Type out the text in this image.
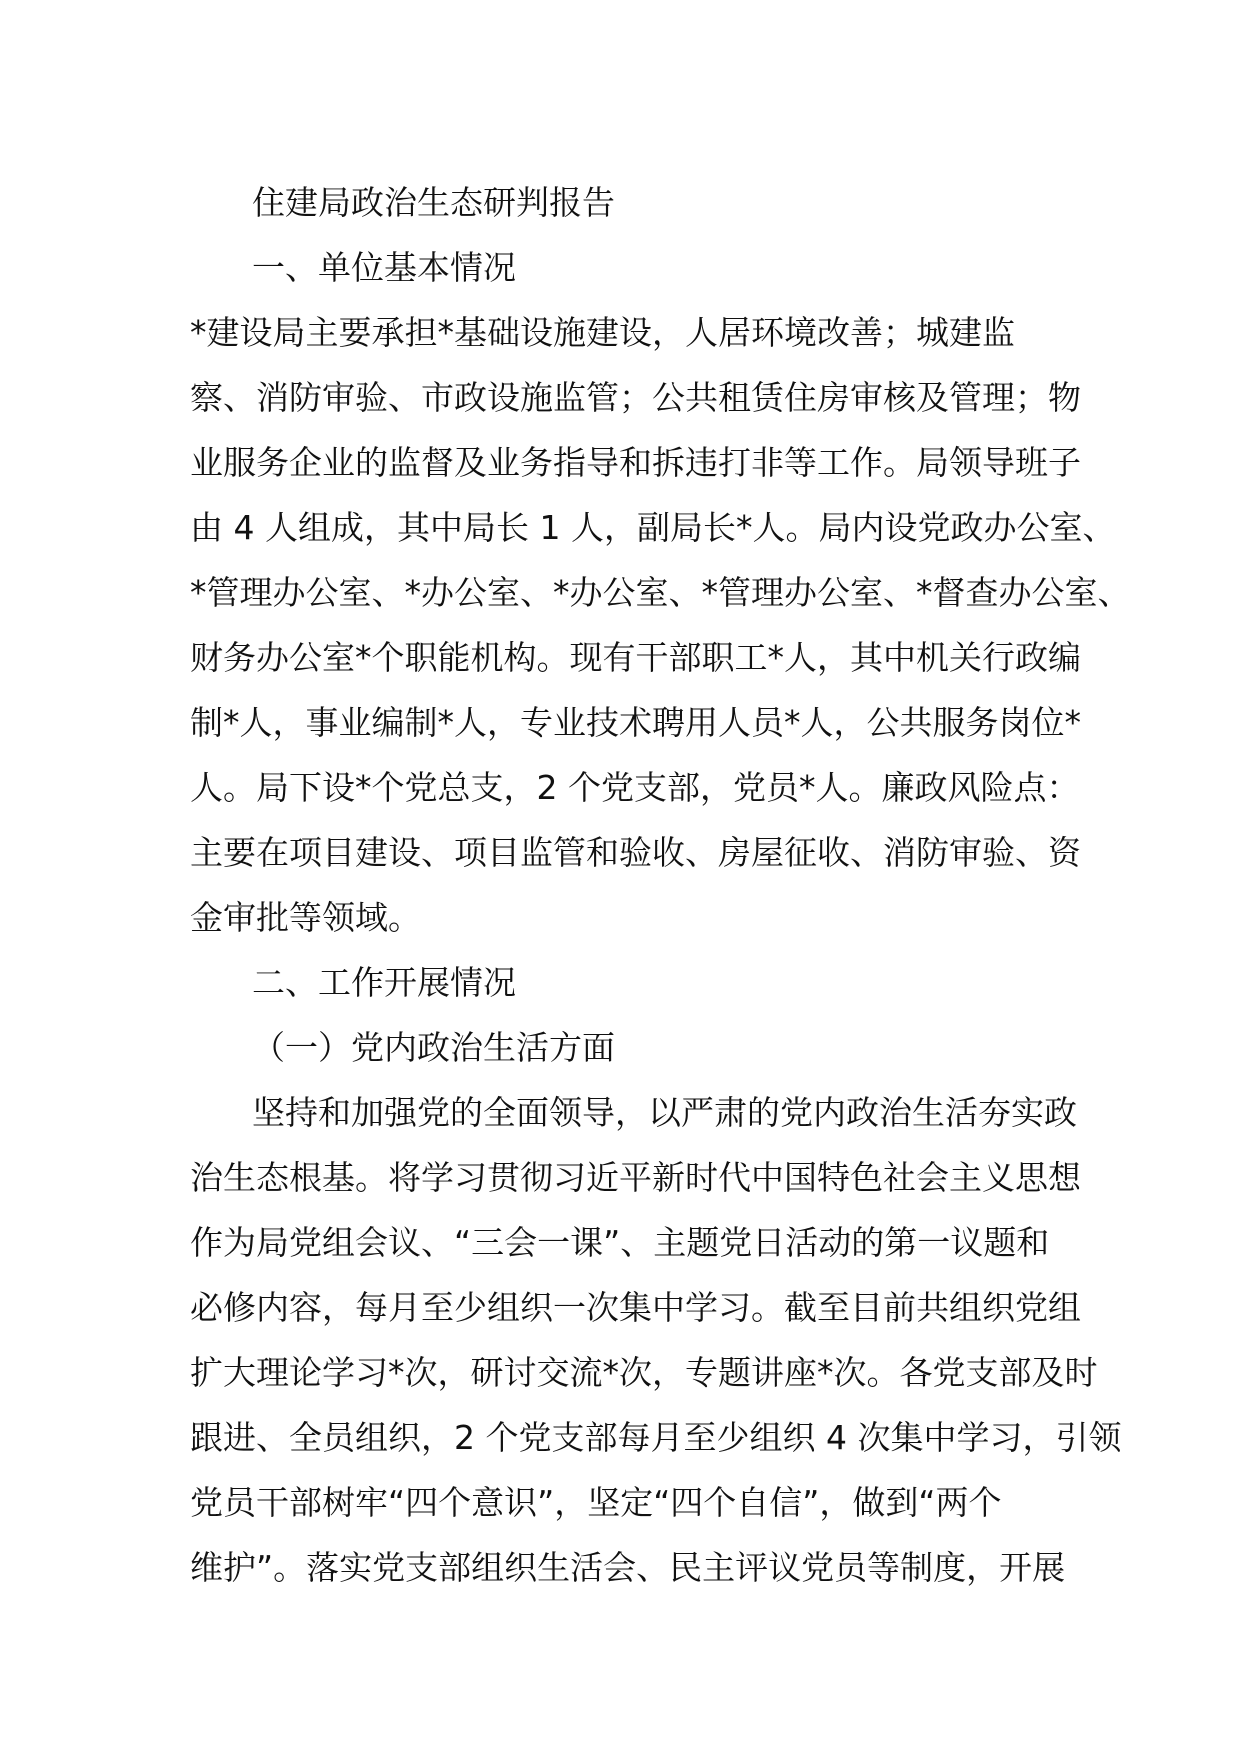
住建局政治生态研判报告

一、单位基本情况

*建设局主要承担*基础设施建设，人居环境改善；城建监
察、消防审验、市政设施监管；公共租赁住房审核及管理；物
业服务企业的监督及业务指导和拆违打非等工作。局领导班子
由 4 人组成，其中局长 1 人，副局长*人。局内设党政办公室、
*管理办公室、*办公室、*办公室、*管理办公室、*督查办公室、
财务办公室*个职能机构。现有干部职工*人，其中机关行政编
制*人，事业编制*人，专业技术聘用人员*人，公共服务岗位*
人。局下设*个党总支，2 个党支部，党员*人。廉政风险点：
主要在项目建设、项目监管和验收、房屋征收、消防审验、资
金审批等领域。

二、工作开展情况

（一）党内政治生活方面

坚持和加强党的全面领导，以严肃的党内政治生活夯实政
治生态根基。将学习贯彻习近平新时代中国特色社会主义思想
作为局党组会议、“三会一课”、主题党日活动的第一议题和
必修内容，每月至少组织一次集中学习。截至目前共组织党组
扩大理论学习*次，研讨交流*次，专题讲座*次。各党支部及时
跟进、全员组织，2 个党支部每月至少组织 4 次集中学习，引领
党员干部树牢“四个意识”，坚定“四个自信”，做到“两个
维护”。落实党支部组织生活会、民主评议党员等制度，开展
